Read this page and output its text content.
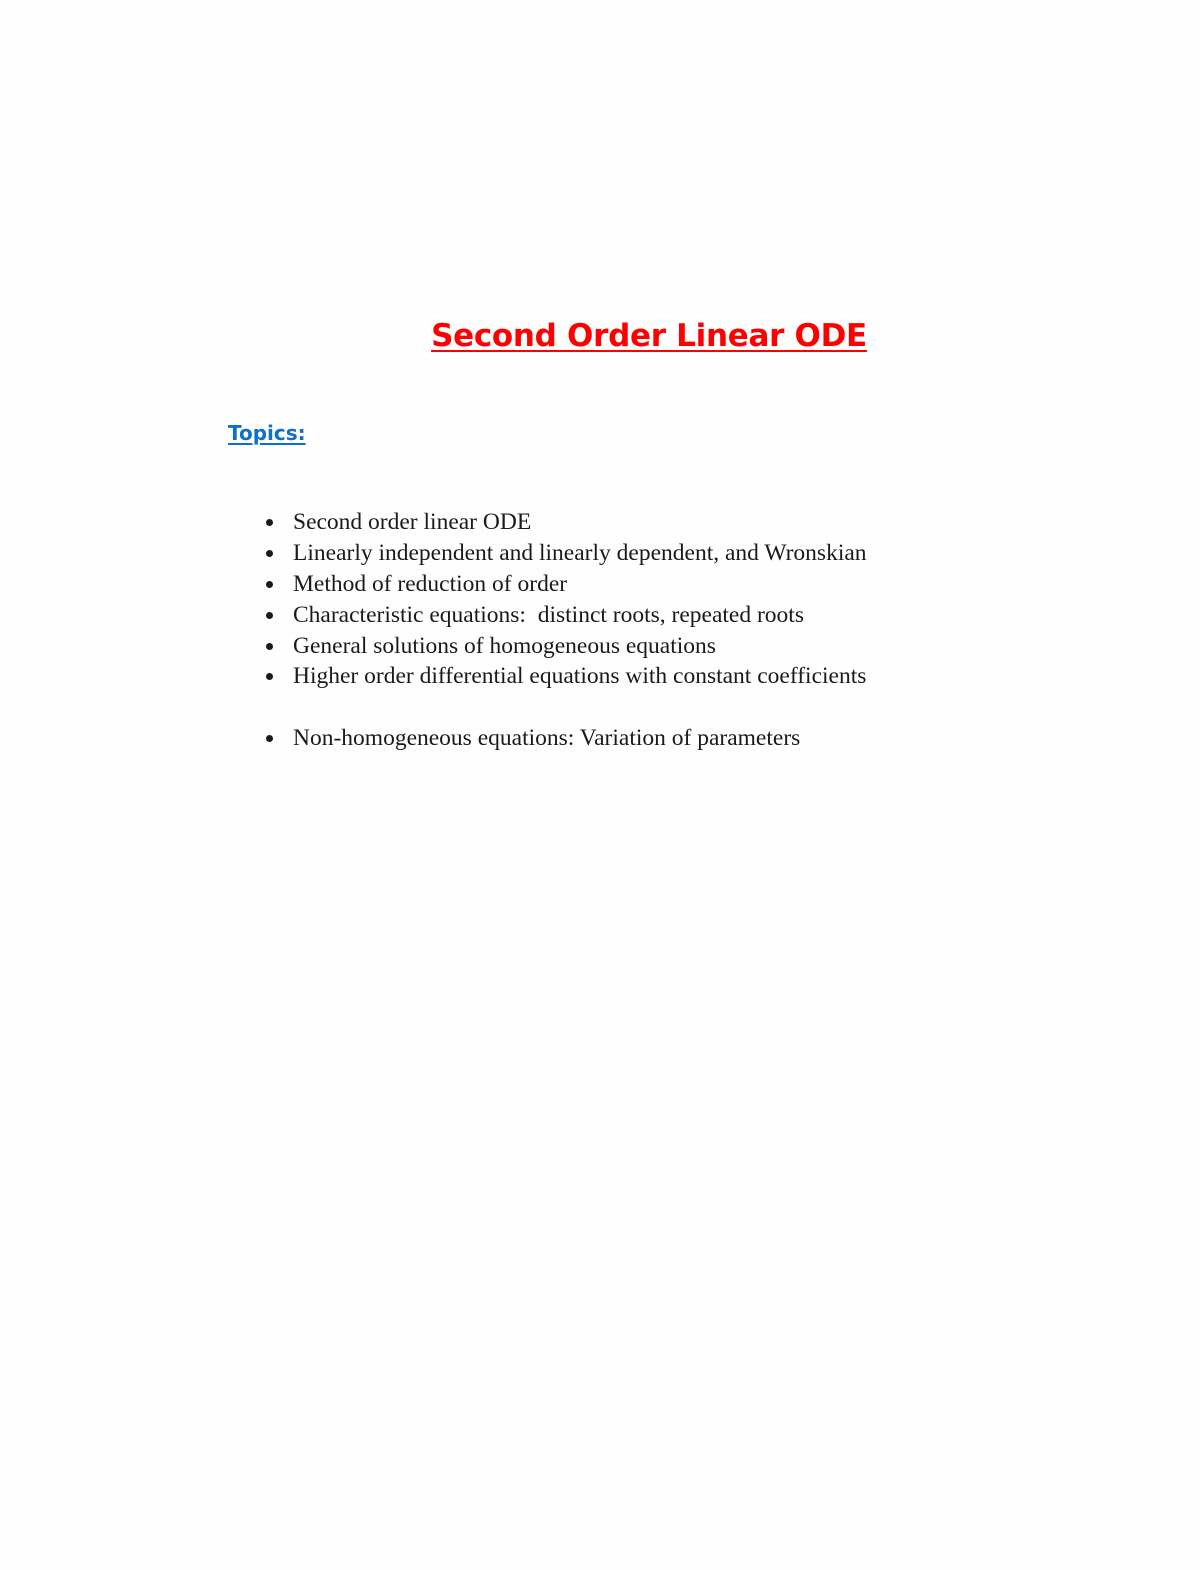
Second Order Linear ODE
Topics:
Second order linear ODE
Linearly independent and linearly dependent, and Wronskian
Method of reduction of order
Characteristic equations:  distinct roots, repeated roots
General solutions of homogeneous equations
Higher order differential equations with constant coefficients
Non-homogeneous equations: Variation of parameters
